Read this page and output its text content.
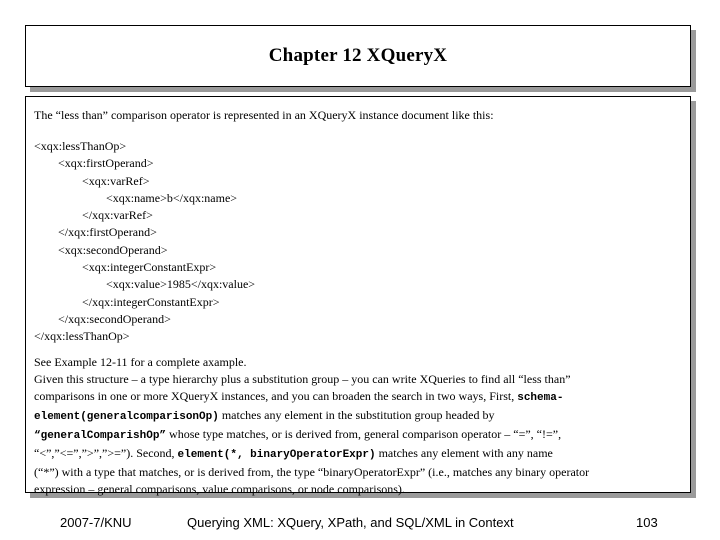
Chapter 12 XQueryX

The “less than” comparison operator is represented in an XQueryX instance document like this:

<xqx:lessThanOp>
<xqx:firstOperand>
<xqx:varRef>
<xqx:name>b</xqx:name>
</xqx:varRef>
</xqx:firstOperand>
<xqx:secondOperand>
<xqx:integerConstantExpr>
<xqx:value>1985</xqx:value>
</xqx:integerConstantExpr>
</xqx:secondOperand>
</xqx:lessThanOp>

See Example 12-11 for a complete axample.

Given this structure – a type hierarchy plus a substitution group – you can write XQueries to find all “less than”

comparisons in one or more XQueryX instances, and you can broaden the search in two ways, First, schema-

element(generalcomparisonOp) matches any element in the substitution group headed by

“generalComparishOp” whose type matches, or is derived from, general comparison operator – “=”, “!=”,

“<”,”<=”,”>”,”>=”). Second, element(*, binaryOperatorExpr) matches any element with any name

(“*”) with a type that matches, or is derived from, the type “binaryOperatorExpr” (i.e., matches any binary operator

expression – general comparisons, value comparisons, or node comparisons).

2007-7/KNU	Querying XML: XQuery, XPath, and SQL/XML in Context	103
